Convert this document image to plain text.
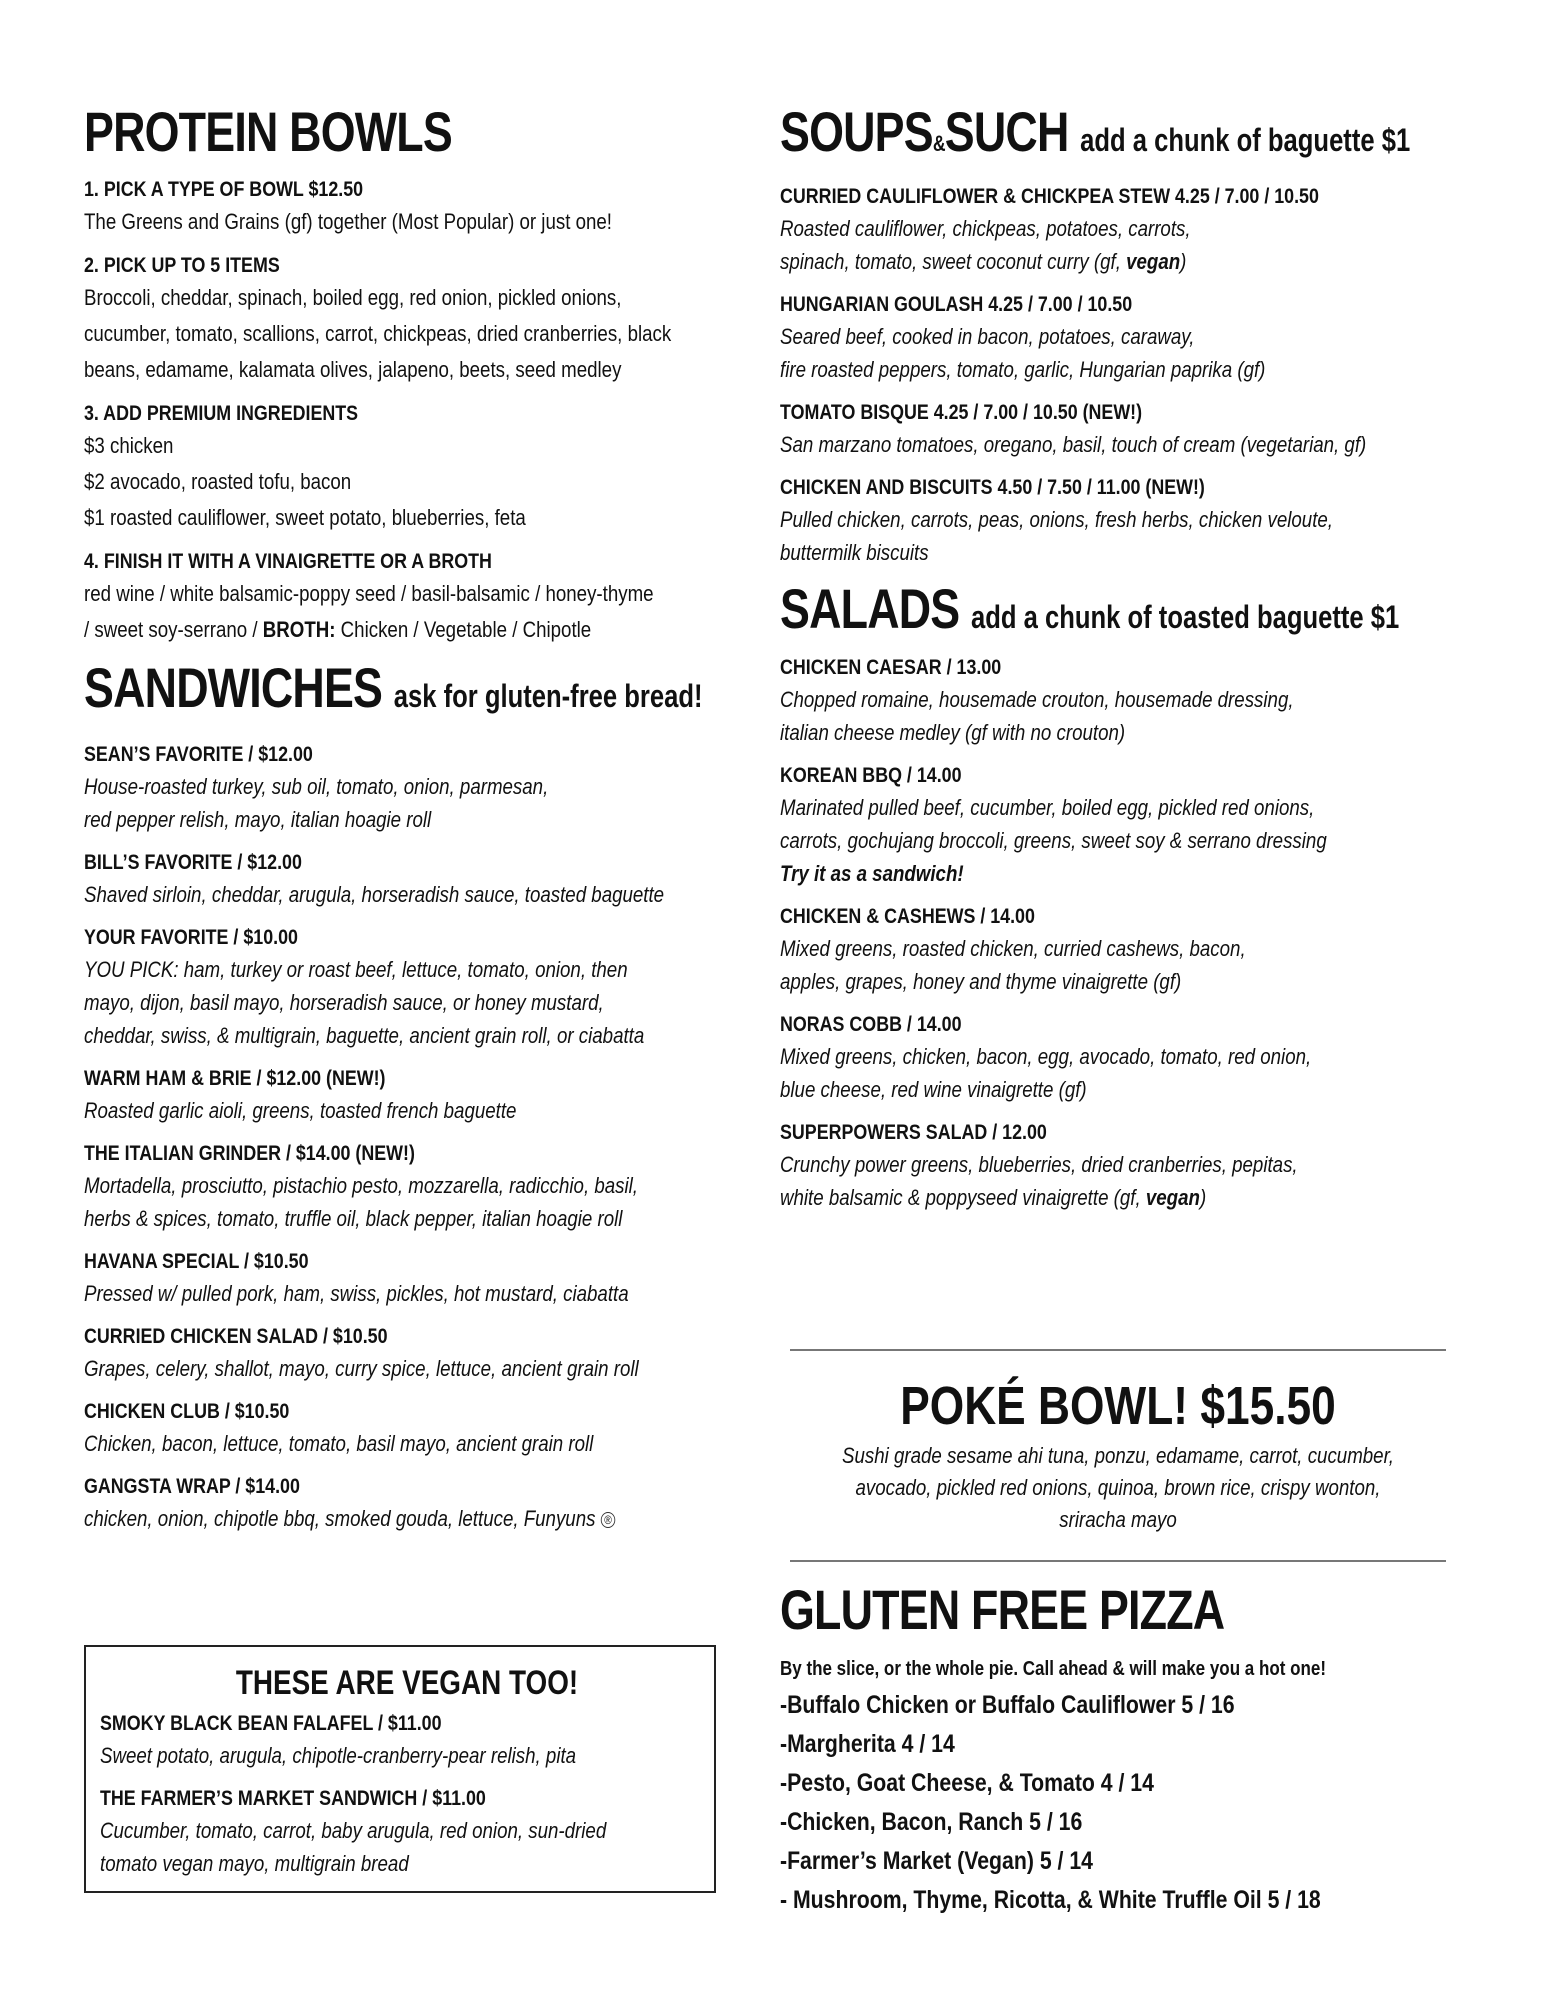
PROTEIN BOWLS
1. PICK A TYPE OF BOWL $12.50
The Greens and Grains (gf) together (Most Popular) or just one!
2. PICK UP TO 5 ITEMS
Broccoli, cheddar, spinach, boiled egg, red onion, pickled onions,
cucumber, tomato, scallions, carrot, chickpeas, dried cranberries, black
beans, edamame, kalamata olives, jalapeno, beets, seed medley
3. ADD PREMIUM INGREDIENTS
$3 chicken
$2 avocado, roasted tofu, bacon
$1 roasted cauliflower, sweet potato, blueberries, feta
4. FINISH IT WITH A VINAIGRETTE OR A BROTH
red wine / white balsamic-poppy seed / basil-balsamic / honey-thyme
/ sweet soy-serrano / BROTH: Chicken / Vegetable / Chipotle
SANDWICHES ask for gluten-free bread!
SEAN’S FAVORITE / $12.00
House-roasted turkey, sub oil, tomato, onion, parmesan,
red pepper relish, mayo, italian hoagie roll
BILL’S FAVORITE / $12.00
Shaved sirloin, cheddar, arugula, horseradish sauce, toasted baguette
YOUR FAVORITE / $10.00
YOU PICK: ham, turkey or roast beef, lettuce, tomato, onion, then
mayo, dijon, basil mayo, horseradish sauce, or honey mustard,
cheddar, swiss, & multigrain, baguette, ancient grain roll, or ciabatta
WARM HAM & BRIE / $12.00 (NEW!)
Roasted garlic aioli, greens, toasted french baguette
THE ITALIAN GRINDER / $14.00 (NEW!)
Mortadella, prosciutto, pistachio pesto, mozzarella, radicchio, basil,
herbs & spices, tomato, truffle oil, black pepper, italian hoagie roll
HAVANA SPECIAL / $10.50
Pressed w/ pulled pork, ham, swiss, pickles, hot mustard, ciabatta
CURRIED CHICKEN SALAD / $10.50
Grapes, celery, shallot, mayo, curry spice, lettuce, ancient grain roll
CHICKEN CLUB / $10.50
Chicken, bacon, lettuce, tomato, basil mayo, ancient grain roll
GANGSTA WRAP / $14.00
chicken, onion, chipotle bbq, smoked gouda, lettuce, Funyuns ®
THESE ARE VEGAN TOO!
SMOKY BLACK BEAN FALAFEL / $11.00
Sweet potato, arugula, chipotle-cranberry-pear relish, pita
THE FARMER’S MARKET SANDWICH / $11.00
Cucumber, tomato, carrot, baby arugula, red onion, sun-dried
tomato vegan mayo, multigrain bread
SOUPS&SUCH add a chunk of baguette $1
CURRIED CAULIFLOWER & CHICKPEA STEW 4.25 / 7.00 / 10.50
Roasted cauliflower, chickpeas, potatoes, carrots,
spinach, tomato, sweet coconut curry (gf, vegan)
HUNGARIAN GOULASH 4.25 / 7.00 / 10.50
Seared beef, cooked in bacon, potatoes, caraway,
fire roasted peppers, tomato, garlic, Hungarian paprika (gf)
TOMATO BISQUE 4.25 / 7.00 / 10.50 (NEW!)
San marzano tomatoes, oregano, basil, touch of cream (vegetarian, gf)
CHICKEN AND BISCUITS 4.50 / 7.50 / 11.00 (NEW!)
Pulled chicken, carrots, peas, onions, fresh herbs, chicken veloute,
buttermilk biscuits
SALADS add a chunk of toasted baguette $1
CHICKEN CAESAR / 13.00
Chopped romaine, housemade crouton, housemade dressing,
italian cheese medley (gf with no crouton)
KOREAN BBQ / 14.00
Marinated pulled beef, cucumber, boiled egg, pickled red onions,
carrots, gochujang broccoli, greens, sweet soy & serrano dressing
Try it as a sandwich!
CHICKEN & CASHEWS / 14.00
Mixed greens, roasted chicken, curried cashews, bacon,
apples, grapes, honey and thyme vinaigrette (gf)
NORAS COBB / 14.00
Mixed greens, chicken, bacon, egg, avocado, tomato, red onion,
blue cheese, red wine vinaigrette (gf)
SUPERPOWERS SALAD / 12.00
Crunchy power greens, blueberries, dried cranberries, pepitas,
white balsamic & poppyseed vinaigrette (gf, vegan)
POKÉ BOWL! $15.50
Sushi grade sesame ahi tuna, ponzu, edamame, carrot, cucumber,
avocado, pickled red onions, quinoa, brown rice, crispy wonton,
sriracha mayo
GLUTEN FREE PIZZA
By the slice, or the whole pie. Call ahead & will make you a hot one!
-Buffalo Chicken or Buffalo Cauliflower 5 / 16
-Margherita 4 / 14
-Pesto, Goat Cheese, & Tomato 4 / 14
-Chicken, Bacon, Ranch 5 / 16
-Farmer’s Market (Vegan) 5 / 14
- Mushroom, Thyme, Ricotta, & White Truffle Oil 5 / 18
